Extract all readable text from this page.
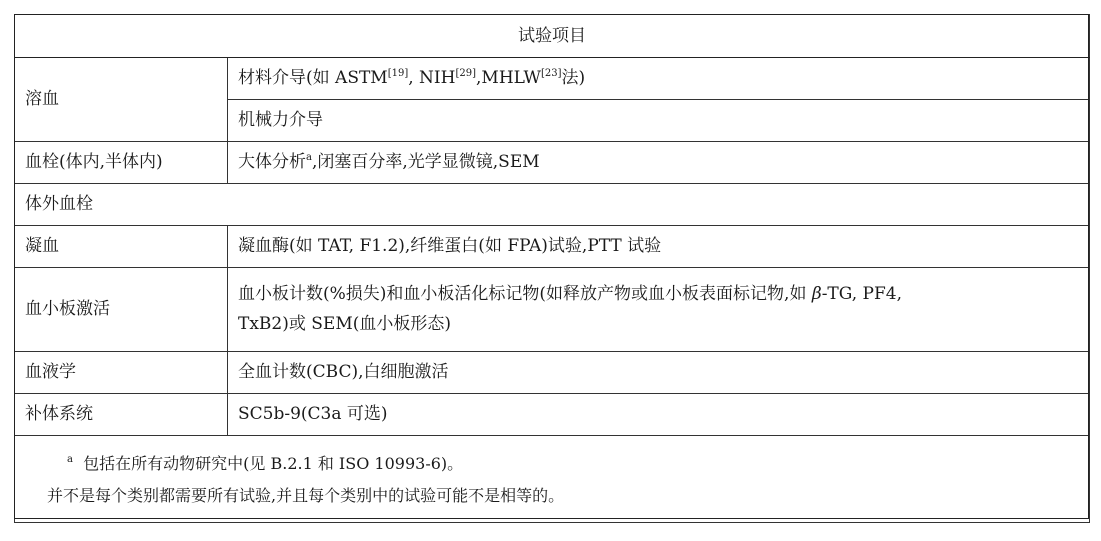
试验项目	
溶血	材料介导(如 ASTM[19], NIH[29],MHLW[23]法)
	机械力介导
血栓(体内,半体内)	大体分析$^a$,闭塞百分率,光学显微镜,SEM
体外血栓	
凝血	凝血酶(如 TAT, F1.2),纤维蛋白(如 FPA)试验,PTT 试验
血小板激活	血小板计数(%损失)和血小板活化标记物(如释放产物或血小板表面标记物,如 β-TG, PF4,
TxB2)或 SEM(血小板形态)

血液学	全血计数(CBC),白细胞激活
补体系统	SC5b-9(C3a 可选)

$^a$ 包括在所有动物研究中(见 B.2.1 和 ISO 10993-6)。
并不是每个类别都需要所有试验,并且每个类别中的试验可能不是相等的。	
